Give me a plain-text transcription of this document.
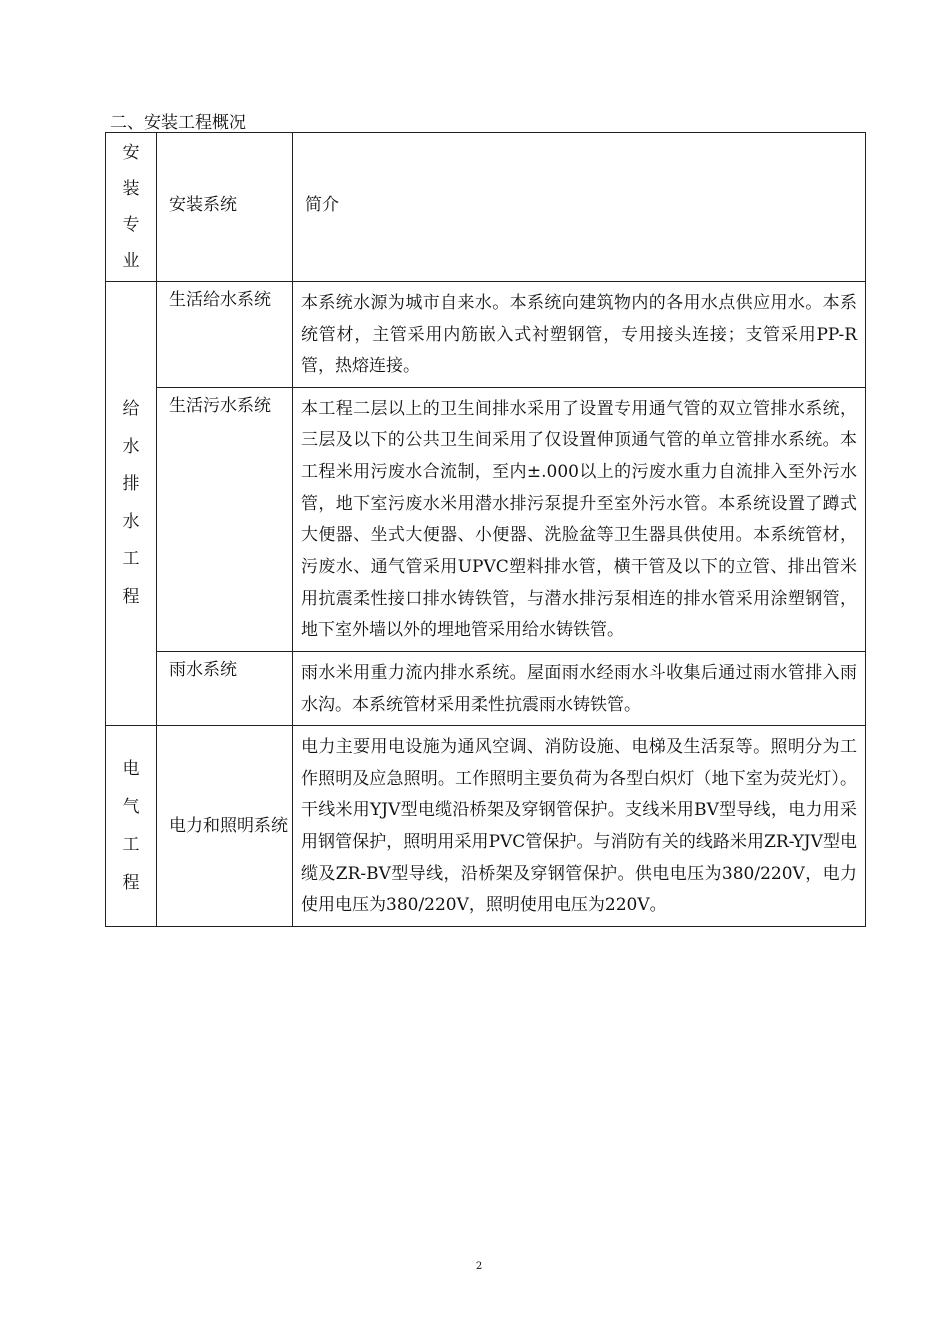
二、安装工程概况
安装专业	安装系统	简介
给水排水工程	生活给水系统	本系统水源为城市自来水。本系统向建筑物内的各用水点供应用水。本系统管材，主管采用内筋嵌入式衬塑钢管，专用接头连接；支管采用PP-R管，热熔连接。
	生活污水系统	本工程二层以上的卫生间排水采用了设置专用通气管的双立管排水系统，三层及以下的公共卫生间采用了仅设置伸顶通气管的单立管排水系统。本工程米用污废水合流制，至内±.000以上的污废水重力自流排入至外污水管，地下室污废水米用潜水排污泵提升至室外污水管。本系统设置了蹲式大便器、坐式大便器、小便器、洗脸盆等卫生器具供使用。本系统管材，污废水、通气管采用UPVC塑料排水管，横干管及以下的立管、排出管米用抗震柔性接口排水铸铁管，与潜水排污泵相连的排水管采用涂塑钢管，地下室外墙以外的埋地管采用给水铸铁管。
	雨水系统	雨水米用重力流内排水系统。屋面雨水经雨水斗收集后通过雨水管排入雨水沟。本系统管材采用柔性抗震雨水铸铁管。
电气工程	电力和照明系统	电力主要用电设施为通风空调、消防设施、电梯及生活泵等。照明分为工作照明及应急照明。工作照明主要负荷为各型白炽灯（地下室为荧光灯）。干线米用YJV型电缆沿桥架及穿钢管保护。支线米用BV型导线，电力用采用钢管保护，照明用采用PVC管保护。与消防有关的线路米用ZR-YJV型电缆及ZR-BV型导线，沿桥架及穿钢管保护。供电电压为380/220V，电力使用电压为380/220V，照明使用电压为220V。
2
